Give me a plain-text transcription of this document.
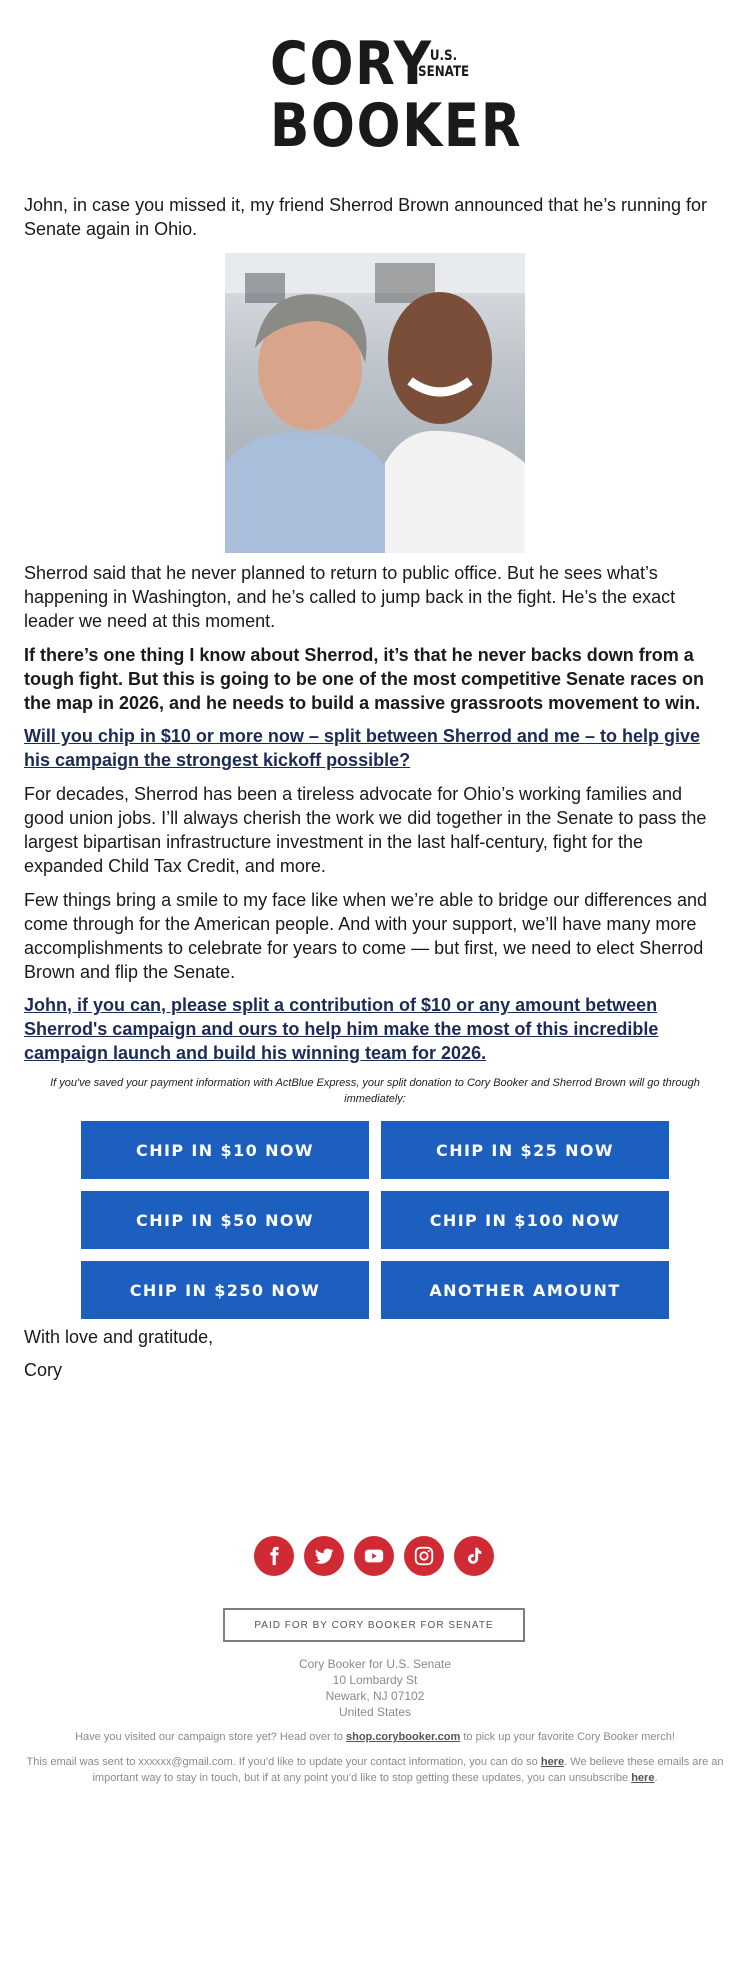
CORY
U.S.
SENATE
BOOKER

John, in case you missed it, my friend Sherrod Brown announced that he’s running for Senate again in Ohio.

Sherrod said that he never planned to return to public office. But he sees what’s happening in Washington, and he’s called to jump back in the fight. He’s the exact leader we need at this moment.

If there’s one thing I know about Sherrod, it’s that he never backs down from a tough fight. But this is going to be one of the most competitive Senate races on the map in 2026, and he needs to build a massive grassroots movement to win.

Will you chip in $10 or more now – split between Sherrod and me – to help give his campaign the strongest kickoff possible?

For decades, Sherrod has been a tireless advocate for Ohio’s working families and good union jobs. I’ll always cherish the work we did together in the Senate to pass the largest bipartisan infrastructure investment in the last half-century, fight for the expanded Child Tax Credit, and more.

Few things bring a smile to my face like when we’re able to bridge our differences and come through for the American people. And with your support, we’ll have many more accomplishments to celebrate for years to come — but first, we need to elect Sherrod Brown and flip the Senate.

John, if you can, please split a contribution of $10 or any amount between Sherrod's campaign and ours to help him make the most of this incredible campaign launch and build his winning team for 2026.

If you've saved your payment information with ActBlue Express, your split donation to Cory Booker and Sherrod Brown will go through immediately:

CHIP IN $10 NOW	CHIP IN $25 NOW
CHIP IN $50 NOW	CHIP IN $100 NOW
CHIP IN $250 NOW	ANOTHER AMOUNT

With love and gratitude,

Cory

PAID FOR BY CORY BOOKER FOR SENATE

Cory Booker for U.S. Senate

10 Lombardy St

Newark, NJ 07102

United States

Have you visited our campaign store yet? Head over to shop.corybooker.com to pick up your favorite Cory Booker merch!

This email was sent to xxxxxx@gmail.com. If you’d like to update your contact information, you can do so here. We believe these emails are an important way to stay in touch, but if at any point you’d like to stop getting these updates, you can unsubscribe here.
